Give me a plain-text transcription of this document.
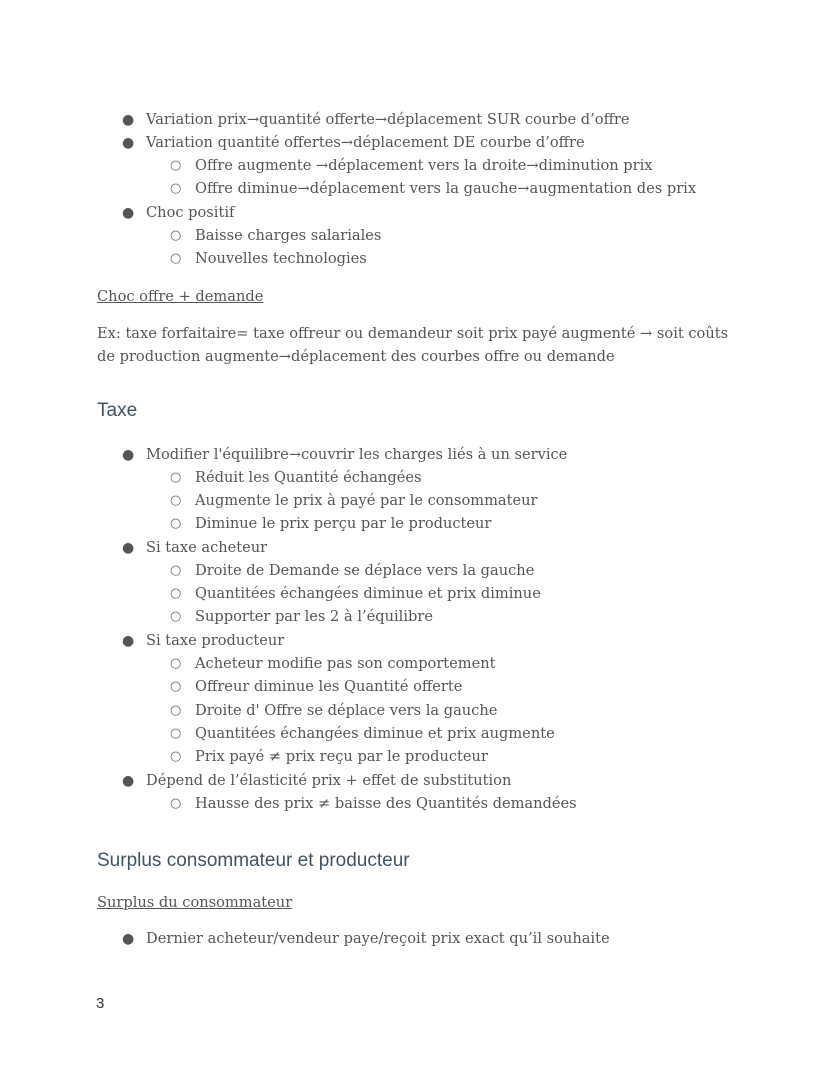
● Variation prix→quantité offerte→déplacement SUR courbe d’offre
● Variation quantité offertes→déplacement DE courbe d’offre
○ Offre augmente →déplacement vers la droite→diminution prix
○ Offre diminue→déplacement vers la gauche→augmentation des prix
● Choc positif
○ Baisse charges salariales
○ Nouvelles technologies
Choc offre + demande
Ex: taxe forfaitaire= taxe offreur ou demandeur soit prix payé augmenté → soit coûts de production augmente→déplacement des courbes offre ou demande
Taxe
● Modifier l'équilibre→couvrir les charges liés à un service
○ Réduit les Quantité échangées
○ Augmente le prix à payé par le consommateur
○ Diminue le prix perçu par le producteur
● Si taxe acheteur
○ Droite de Demande se déplace vers la gauche
○ Quantitées échangées diminue et prix diminue
○ Supporter par les 2 à l’équilibre
● Si taxe producteur
○ Acheteur modifie pas son comportement
○ Offreur diminue les Quantité offerte
○ Droite d' Offre se déplace vers la gauche
○ Quantitées échangées diminue et prix augmente
○ Prix payé ≠ prix reçu par le producteur
● Dépend de l’élasticité prix + effet de substitution
○ Hausse des prix ≠ baisse des Quantités demandées
Surplus consommateur et producteur
Surplus du consommateur
● Dernier acheteur/vendeur paye/reçoit prix exact qu’il souhaite
3
